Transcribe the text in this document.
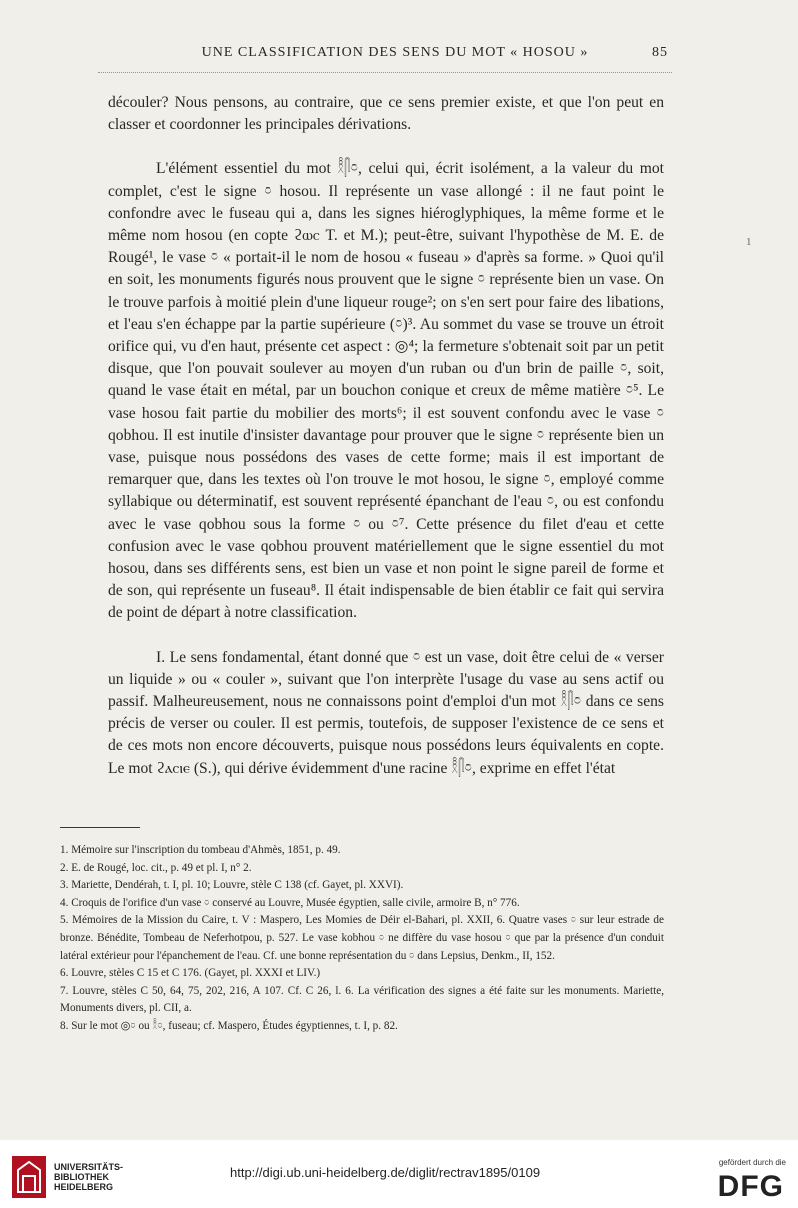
UNE CLASSIFICATION DES SENS DU MOT « HOSOU »	85
1

découler? Nous pensons, au contraire, que ce sens premier existe, et que l'on peut en classer et coordonner les principales dérivations.

L'élément essentiel du mot 𓎛𓋴𓏌, celui qui, écrit isolément, a la valeur du mot complet, c'est le signe 𓏌 hosou. Il représente un vase allongé : il ne faut point le confondre avec le fuseau qui a, dans les signes hiéroglyphiques, la même forme et le même nom hosou (en copte ϩⲱⲥ T. et M.); peut-être, suivant l'hypothèse de M. E. de Rougé¹, le vase 𓏌 « portait-il le nom de hosou « fuseau » d'après sa forme. » Quoi qu'il en soit, les monuments figurés nous prouvent que le signe 𓏌 représente bien un vase. On le trouve parfois à moitié plein d'une liqueur rouge²; on s'en sert pour faire des libations, et l'eau s'en échappe par la partie supérieure (𓏌)³. Au sommet du vase se trouve un étroit orifice qui, vu d'en haut, présente cet aspect : ◎⁴; la fermeture s'obtenait soit par un petit disque, que l'on pouvait soulever au moyen d'un ruban ou d'un brin de paille 𓏌, soit, quand le vase était en métal, par un bouchon conique et creux de même matière 𓏌⁵. Le vase hosou fait partie du mobilier des morts⁶; il est souvent confondu avec le vase 𓏌 qobhou. Il est inutile d'insister davantage pour prouver que le signe 𓏌 représente bien un vase, puisque nous possédons des vases de cette forme; mais il est important de remarquer que, dans les textes où l'on trouve le mot hosou, le signe 𓏌, employé comme syllabique ou déterminatif, est souvent représenté épanchant de l'eau 𓏌, ou est confondu avec le vase qobhou sous la forme 𓏌 ou 𓏌⁷. Cette présence du filet d'eau et cette confusion avec le vase qobhou prouvent matériellement que le signe essentiel du mot hosou, dans ses différents sens, est bien un vase et non point le signe pareil de forme et de son, qui représente un fuseau⁸. Il était indispensable de bien établir ce fait qui servira de point de départ à notre classification.

I. Le sens fondamental, étant donné que 𓏌 est un vase, doit être celui de « verser un liquide » ou « couler », suivant que l'on interprète l'usage du vase au sens actif ou passif. Malheureusement, nous ne connaissons point d'emploi d'un mot 𓎛𓋴𓏌 dans ce sens précis de verser ou couler. Il est permis, toutefois, de supposer l'existence de ce sens et de ces mots non encore découverts, puisque nous possédons leurs équivalents en copte. Le mot ϩⲁⲥⲓⲉ (S.), qui dérive évidemment d'une racine 𓎛𓋴𓏌, exprime en effet l'état

1. Mémoire sur l'inscription du tombeau d'Ahmès, 1851, p. 49.
2. E. de Rougé, loc. cit., p. 49 et pl. I, n° 2.
3. Mariette, Dendérah, t. I, pl. 10; Louvre, stèle C 138 (cf. Gayet, pl. XXVI).
4. Croquis de l'orifice d'un vase 𓏌 conservé au Louvre, Musée égyptien, salle civile, armoire B, n° 776.
5. Mémoires de la Mission du Caire, t. V : Maspero, Les Momies de Déir el-Bahari, pl. XXII, 6. Quatre vases 𓏌 sur leur estrade de bronze. Bénédite, Tombeau de Neferhotpou, p. 527. Le vase kobhou 𓏌 ne diffère du vase hosou 𓏌 que par la présence d'un conduit latéral extérieur pour l'épanchement de l'eau. Cf. une bonne représentation du 𓏌 dans Lepsius, Denkm., II, 152.
6. Louvre, stèles C 15 et C 176. (Gayet, pl. XXXI et LIV.)
7. Louvre, stèles C 50, 64, 75, 202, 216, A 107. Cf. C 26, l. 6. La vérification des signes a été faite sur les monuments. Mariette, Monuments divers, pl. CII, a.
8. Sur le mot ◎𓏌 ou 𓎛𓏌, fuseau; cf. Maspero, Études égyptiennes, t. I, p. 82.
UNIVERSITÄTS-
BIBLIOTHEK
HEIDELBERG
http://digi.ub.uni-heidelberg.de/diglit/rectrav1895/0109
gefördert durch die
DFG
